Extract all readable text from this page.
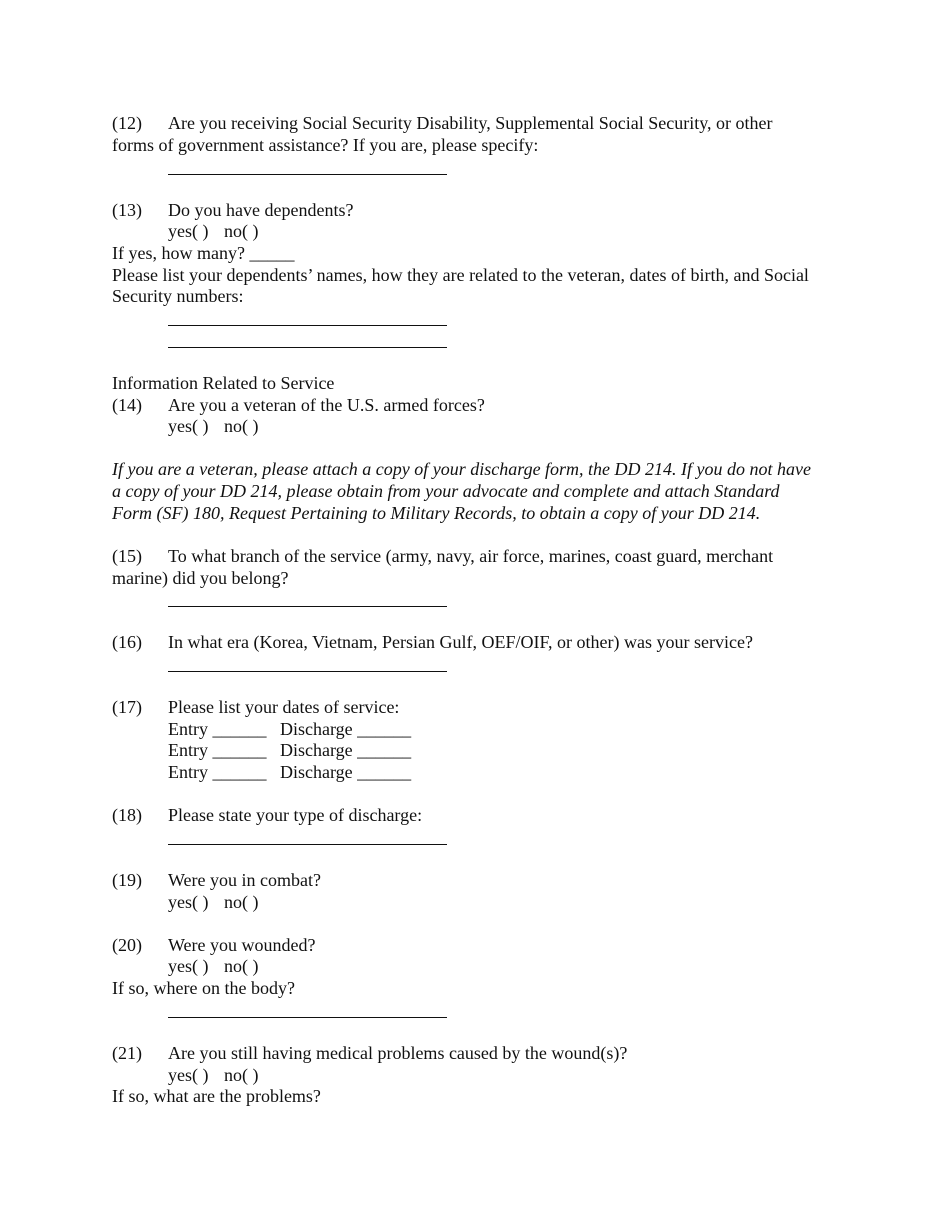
(12) Are you receiving Social Security Disability, Supplemental Social Security, or other
forms of government assistance? If you are, please specify:
(13) Do you have dependents?
yes( ) no( )
If yes, how many? _____
Please list your dependents’ names, how they are related to the veteran, dates of birth, and Social
Security numbers:
Information Related to Service
(14) Are you a veteran of the U.S. armed forces?
yes( ) no( )
If you are a veteran, please attach a copy of your discharge form, the DD 214. If you do not have
a copy of your DD 214, please obtain from your advocate and complete and attach Standard
Form (SF) 180, Request Pertaining to Military Records, to obtain a copy of your DD 214.
(15) To what branch of the service (army, navy, air force, marines, coast guard, merchant
marine) did you belong?
(16) In what era (Korea, Vietnam, Persian Gulf, OEF/OIF, or other) was your service?
(17) Please list your dates of service:
Entry ______ Discharge ______
Entry ______ Discharge ______
Entry ______ Discharge ______
(18) Please state your type of discharge:
(19) Were you in combat?
yes( ) no( )
(20) Were you wounded?
yes( ) no( )
If so, where on the body?
(21) Are you still having medical problems caused by the wound(s)?
yes( ) no( )
If so, what are the problems?
